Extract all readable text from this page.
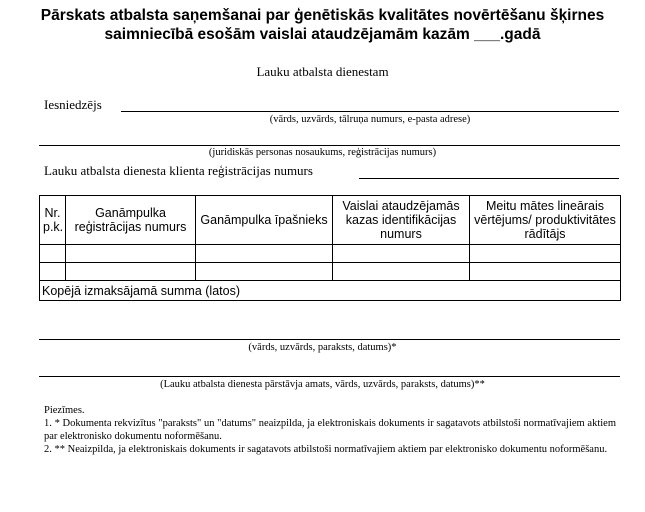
Pārskats atbalsta saņemšanai par ģenētiskās kvalitātes novērtēšanu šķirnes saimniecībā esošām vaislai ataudzējamām kazām ___.gadā
Lauku atbalsta dienestam
Iesniedzējs
(vārds, uzvārds, tālruņa numurs, e-pasta adrese)
(juridiskās personas nosaukums, reģistrācijas numurs)
Lauku atbalsta dienesta klienta reģistrācijas numurs
Nr. p.k.	Ganāmpulka reģistrācijas numurs	Ganāmpulka īpašnieks	Vaislai ataudzējamās kazas identifikācijas numurs	Meitu mātes lineārais vērtējums/ produktivitātes rādītājs

Kopējā izmaksājamā summa (latos)				
(vārds, uzvārds, paraksts, datums)*
(Lauku atbalsta dienesta pārstāvja amats, vārds, uzvārds, paraksts, datums)**

Piezīmes.

1. * Dokumenta rekvizītus "paraksts" un "datums" neaizpilda, ja elektroniskais dokuments ir sagatavots atbilstoši normatīvajiem aktiem par elektronisko dokumentu noformēšanu.

2. ** Neaizpilda, ja elektroniskais dokuments ir sagatavots atbilstoši normatīvajiem aktiem par elektronisko dokumentu noformēšanu.
